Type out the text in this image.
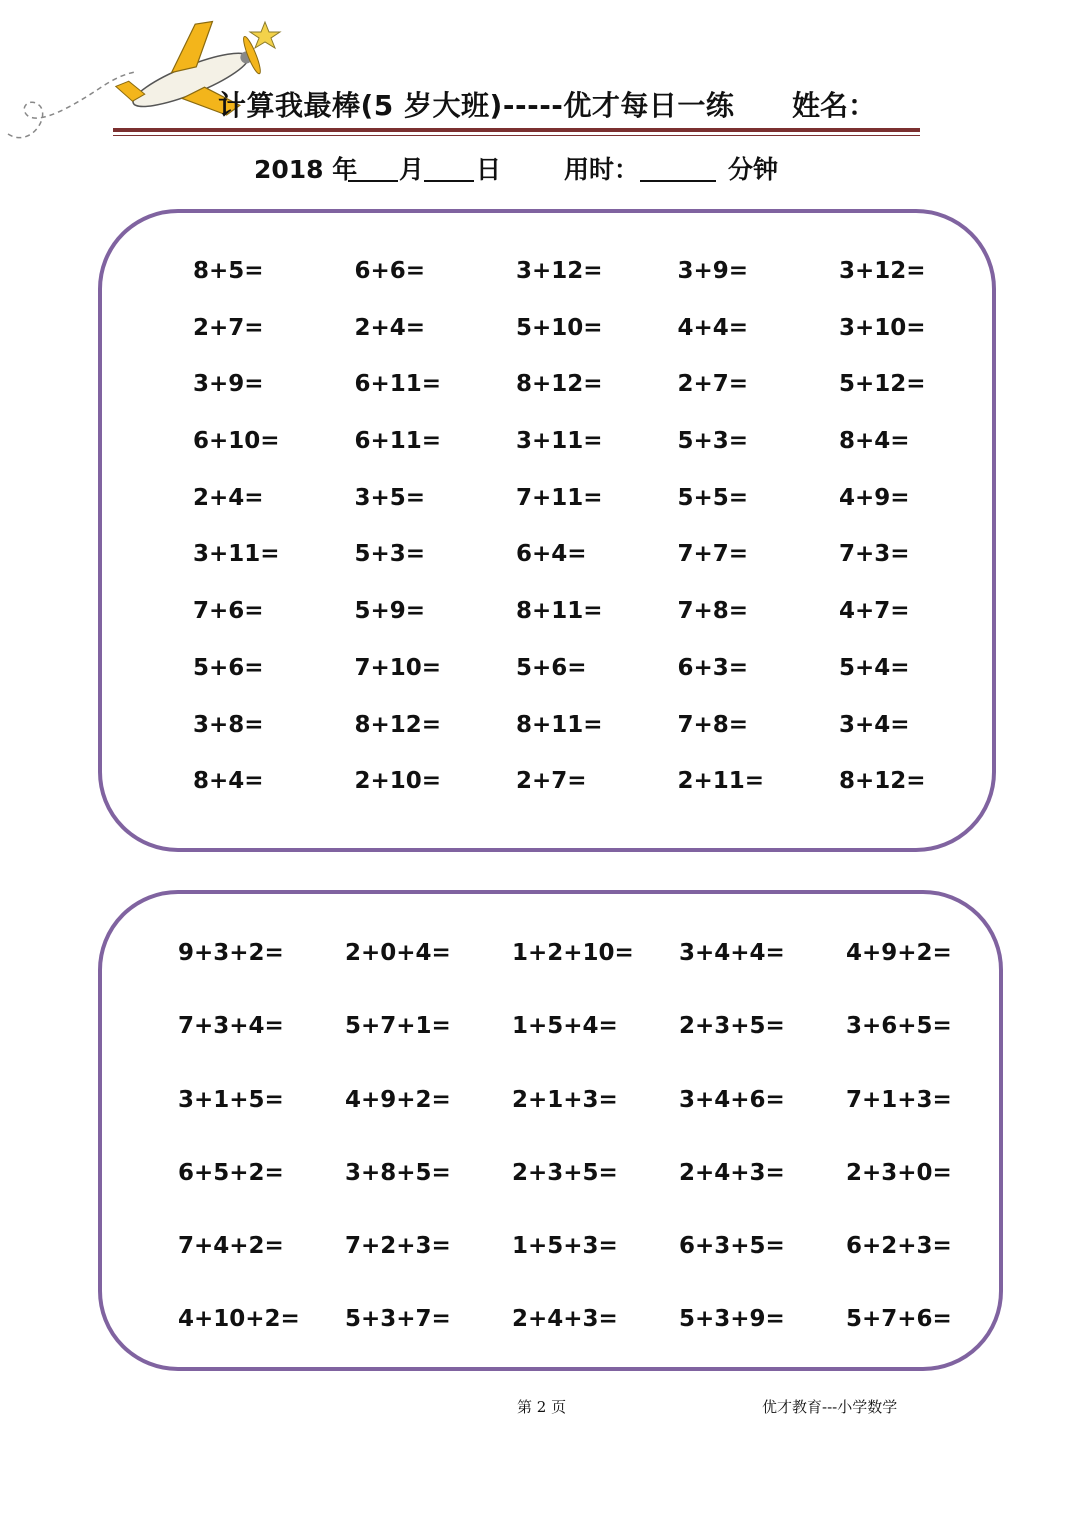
计算我最棒(5 岁大班)-----优才每日一练 姓名：
2018 年 月 日	用时：	分钟
8+5=	6+6=	3+12=	3+9=	3+12=
2+7=	2+4=	5+10=	4+4=	3+10=
3+9=	6+11=	8+12=	2+7=	5+12=
6+10=	6+11=	3+11=	5+3=	8+4=
2+4=	3+5=	7+11=	5+5=	4+9=
3+11=	5+3=	6+4=	7+7=	7+3=
7+6=	5+9=	8+11=	7+8=	4+7=
5+6=	7+10=	5+6=	6+3=	5+4=
3+8=	8+12=	8+11=	7+8=	3+4=
8+4=	2+10=	2+7=	2+11=	8+12=
9+3+2=	2+0+4=	1+2+10=	3+4+4=	4+9+2=
7+3+4=	5+7+1=	1+5+4=	2+3+5=	3+6+5=
3+1+5=	4+9+2=	2+1+3=	3+4+6=	7+1+3=
6+5+2=	3+8+5=	2+3+5=	2+4+3=	2+3+0=
7+4+2=	7+2+3=	1+5+3=	6+3+5=	6+2+3=
4+10+2=	5+3+7=	2+4+3=	5+3+9=	5+7+6=
第 2 页	优才教育---小学数学
